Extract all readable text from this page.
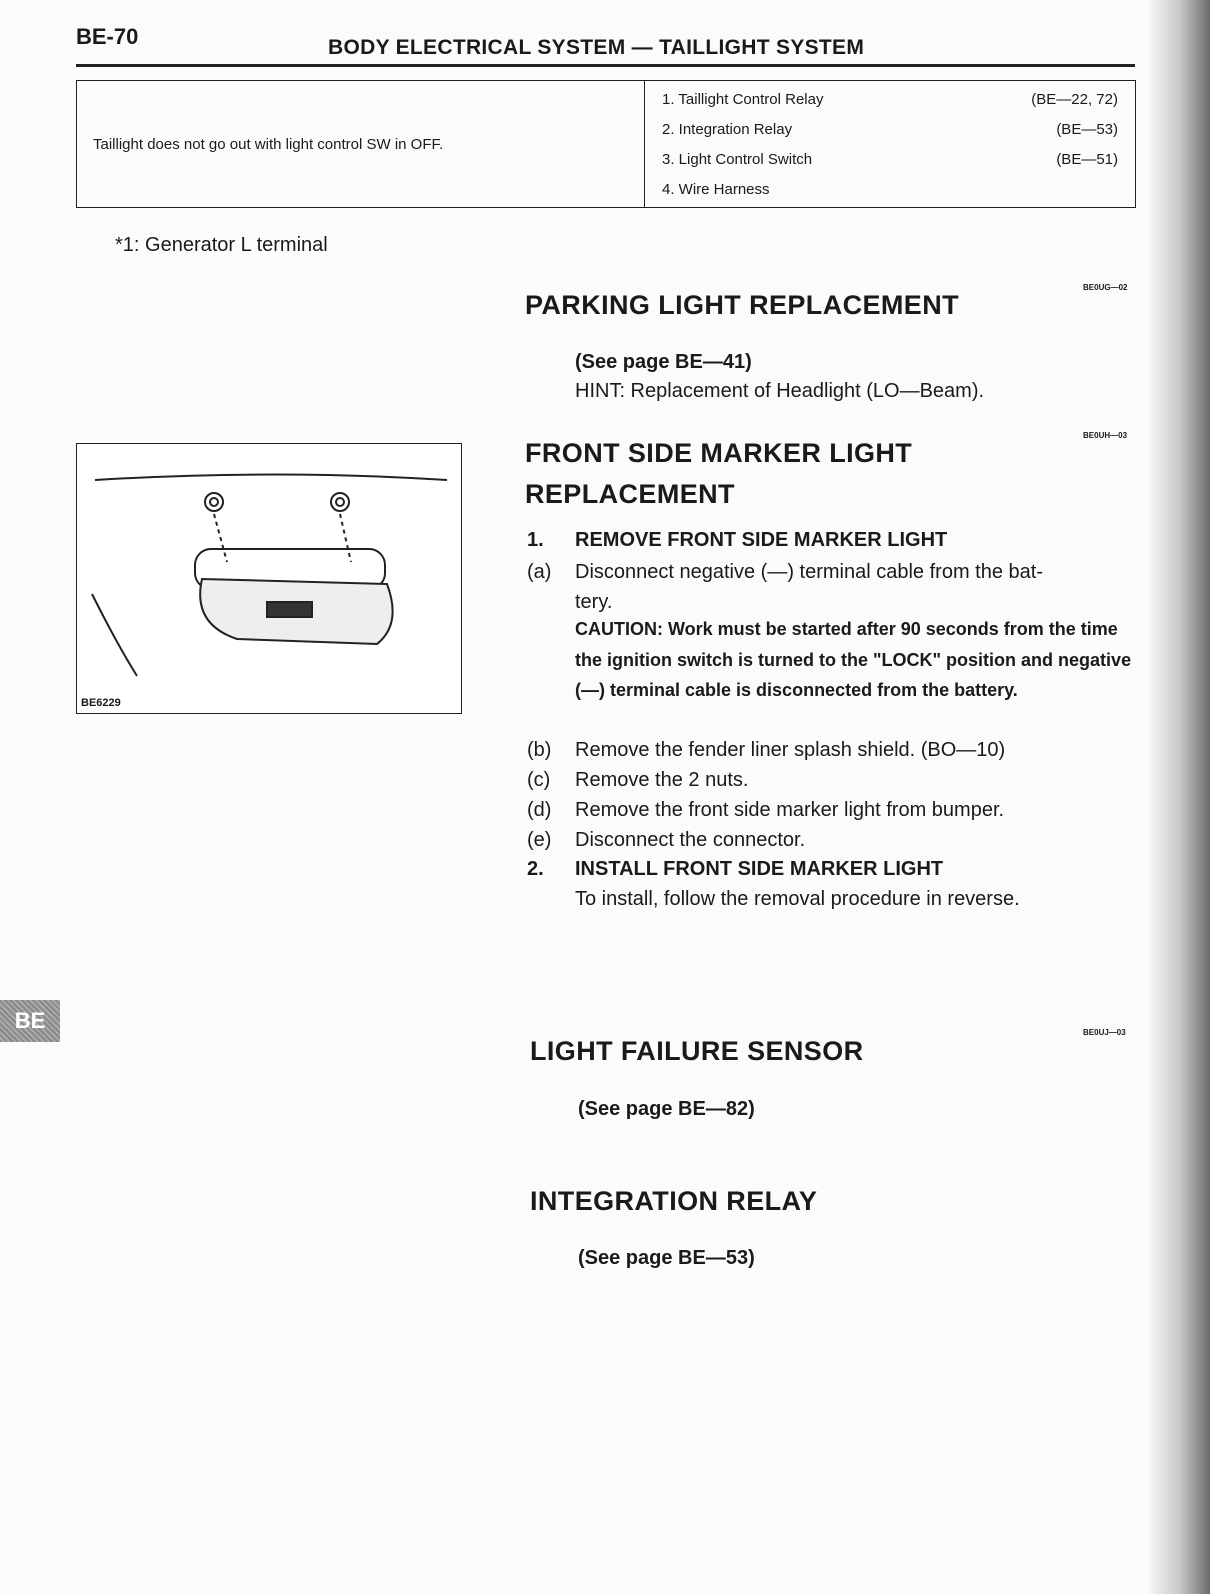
BE-70	BODY ELECTRICAL SYSTEM — TAILLIGHT SYSTEM
Taillight does not go out with light control SW in OFF.	
1. Taillight Control Relay	(BE—22, 72)
2. Integration Relay	(BE—53)
3. Light Control Switch	(BE—51)
4. Wire Harness
*1: Generator L terminal
BE0UG—02
PARKING LIGHT REPLACEMENT
(See page BE—41)
HINT: Replacement of Headlight (LO—Beam).
BE0UH—03
FRONT SIDE MARKER LIGHT
REPLACEMENT
1. REMOVE FRONT SIDE MARKER LIGHT
(a) Disconnect negative (—) terminal cable from the bat-
tery.
CAUTION: Work must be started after 90 seconds from the time the ignition switch is turned to the "LOCK" position and negative (—) terminal cable is disconnected from the battery.
(b) Remove the fender liner splash shield. (BO—10)
(c) Remove the 2 nuts.
(d) Remove the front side marker light from bumper.
(e) Disconnect the connector.
2. INSTALL FRONT SIDE MARKER LIGHT
To install, follow the removal procedure in reverse.
BE6229
BE0UJ—03
LIGHT FAILURE SENSOR
(See page BE—82)
INTEGRATION RELAY
(See page BE—53)
BE
